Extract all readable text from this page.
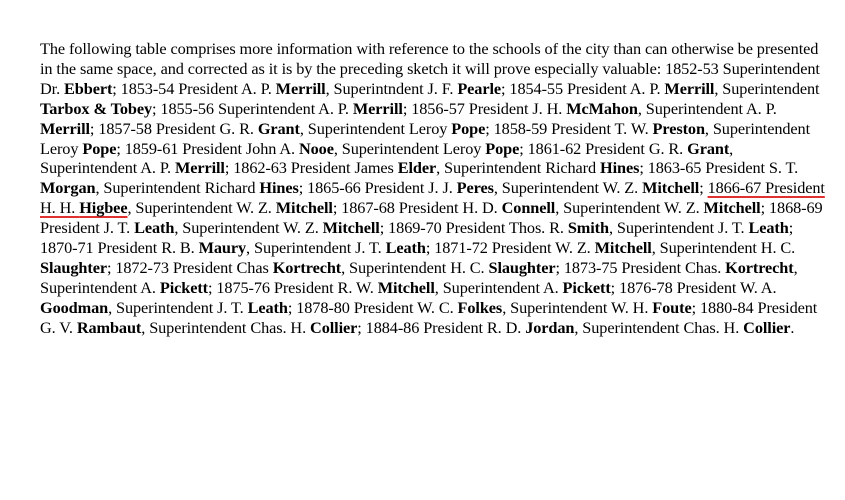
The following table comprises more information with reference to the schools of the city than can otherwise be presented in the same space, and corrected as it is by the preceding sketch it will prove especially valuable: 1852-53 Superintendent Dr. Ebbert; 1853-54 President A. P. Merrill, Superintndent J. F. Pearle; 1854-55 President A. P. Merrill, Superintendent Tarbox & Tobey; 1855-56 Superintendent A. P. Merrill; 1856-57 President J. H. McMahon, Superintendent A. P. Merrill; 1857-58 President G. R. Grant, Superintendent Leroy Pope; 1858-59 President T. W. Preston, Superintendent Leroy Pope; 1859-61 President John A. Nooe, Superintendent Leroy Pope; 1861-62 President G. R. Grant, Superintendent A. P. Merrill; 1862-63 President James Elder, Superintendent Richard Hines; 1863-65 President S. T. Morgan, Superintendent Richard Hines; 1865-66 President J. J. Peres, Superintendent W. Z. Mitchell; 1866-67 President H. H. Higbee, Superintendent W. Z. Mitchell; 1867-68 President H. D. Connell, Superintendent W. Z. Mitchell; 1868-69 President J. T. Leath, Superintendent W. Z. Mitchell; 1869-70 President Thos. R. Smith, Superintendent J. T. Leath; 1870-71 President R. B. Maury, Superintendent J. T. Leath; 1871-72 President W. Z. Mitchell, Superintendent H. C. Slaughter; 1872-73 President Chas Kortrecht, Superintendent H. C. Slaughter; 1873-75 President Chas. Kortrecht, Superintendent A. Pickett; 1875-76 President R. W. Mitchell, Superintendent A. Pickett; 1876-78 President W. A. Goodman, Superintendent J. T. Leath; 1878-80 President W. C. Folkes, Superintendent W. H. Foute; 1880-84 President G. V. Rambaut, Superintendent Chas. H. Collier; 1884-86 President R. D. Jordan, Superintendent Chas. H. Collier.
